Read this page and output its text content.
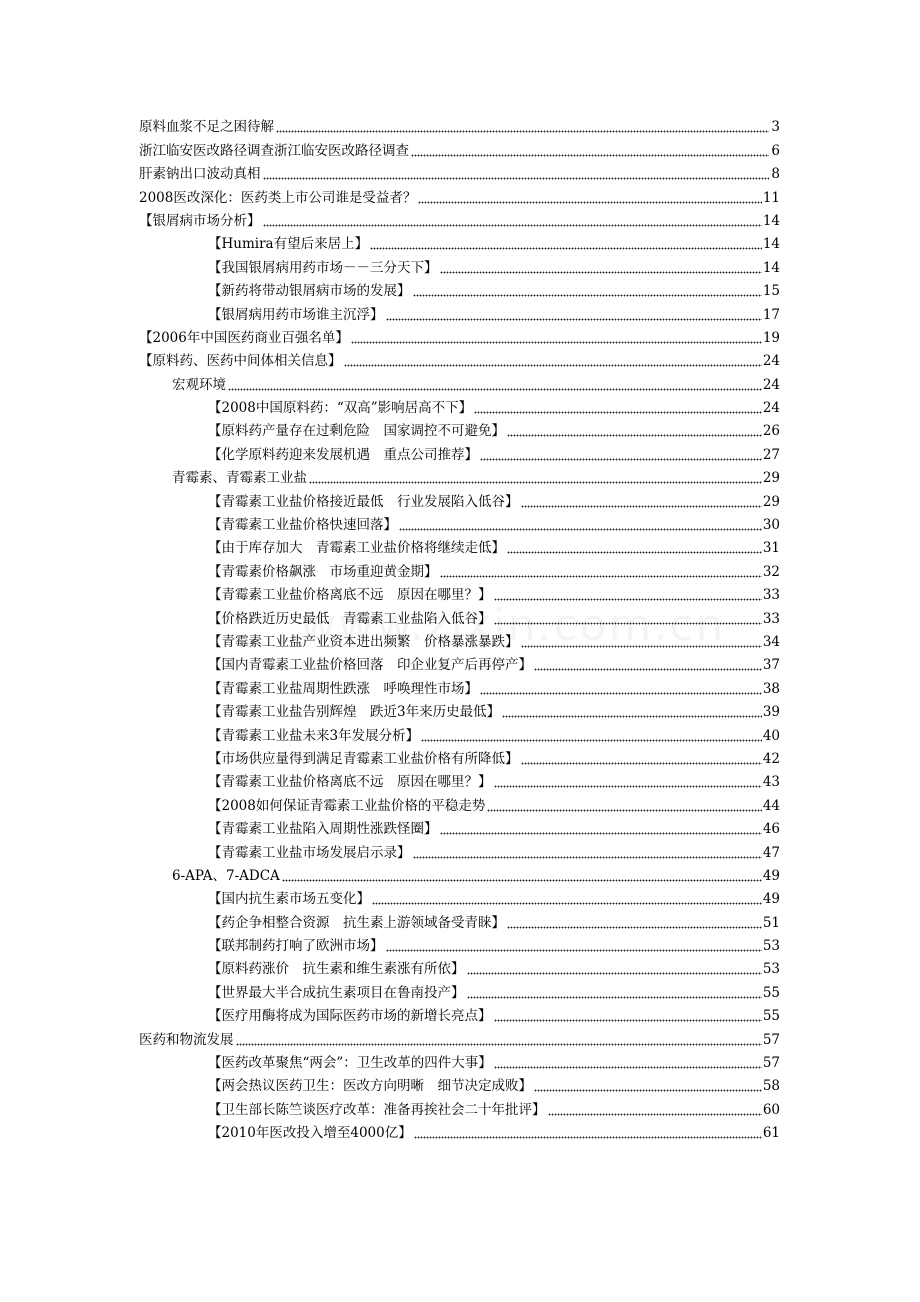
原料血浆不足之困待解	3
浙江临安医改路径调查浙江临安医改路径调查	6
肝素钠出口波动真相	8
2008医改深化：医药类上市公司谁是受益者？	11
【银屑病市场分析】	14
【Humira有望后来居上】	14
【我国银屑病用药市场－－三分天下】	14
【新药将带动银屑病市场的发展】	15
【银屑病用药市场谁主沉浮】	17
【2006年中国医药商业百强名单】	19
【原料药、医药中间体相关信息】	24
宏观环境	24
【2008中国原料药：“双高”影响居高不下】	24
【原料药产量存在过剩危险　国家调控不可避免】	26
【化学原料药迎来发展机遇　重点公司推荐】	27
青霉素、青霉素工业盐	29
【青霉素工业盐价格接近最低　行业发展陷入低谷】	29
【青霉素工业盐价格快速回落】	30
【由于库存加大　青霉素工业盐价格将继续走低】	31
【青霉素价格飙涨　市场重迎黄金期】	32
【青霉素工业盐价格离底不远　原因在哪里？】	33
【价格跌近历史最低　青霉素工业盐陷入低谷】	33
【青霉素工业盐产业资本进出频繁　价格暴涨暴跌】	34
【国内青霉素工业盐价格回落　印企业复产后再停产】	37
【青霉素工业盐周期性跌涨　呼唤理性市场】	38
【青霉素工业盐告别辉煌　跌近3年来历史最低】	39
【青霉素工业盐未来3年发展分析】	40
【市场供应量得到满足青霉素工业盐价格有所降低】	42
【青霉素工业盐价格离底不远　原因在哪里？】	43
【2008如何保证青霉素工业盐价格的平稳走势	44
【青霉素工业盐陷入周期性涨跌怪圈】	46
【青霉素工业盐市场发展启示录】	47
6-APA、7-ADCA	49
【国内抗生素市场五变化】	49
【药企争相整合资源　抗生素上游领域备受青睐】	51
【联邦制药打响了欧洲市场】	53
【原料药涨价　抗生素和维生素涨有所依】	53
【世界最大半合成抗生素项目在鲁南投产】	55
【医疗用酶将成为国际医药市场的新增长亮点】	55
医药和物流发展	57
【医药改革聚焦“两会”：卫生改革的四件大事】	57
【两会热议医药卫生：医改方向明晰　细节决定成败】	58
【卫生部长陈竺谈医疗改革：准备再挨社会二十年批评】	60
【2010年医改投入增至4000亿】	61
